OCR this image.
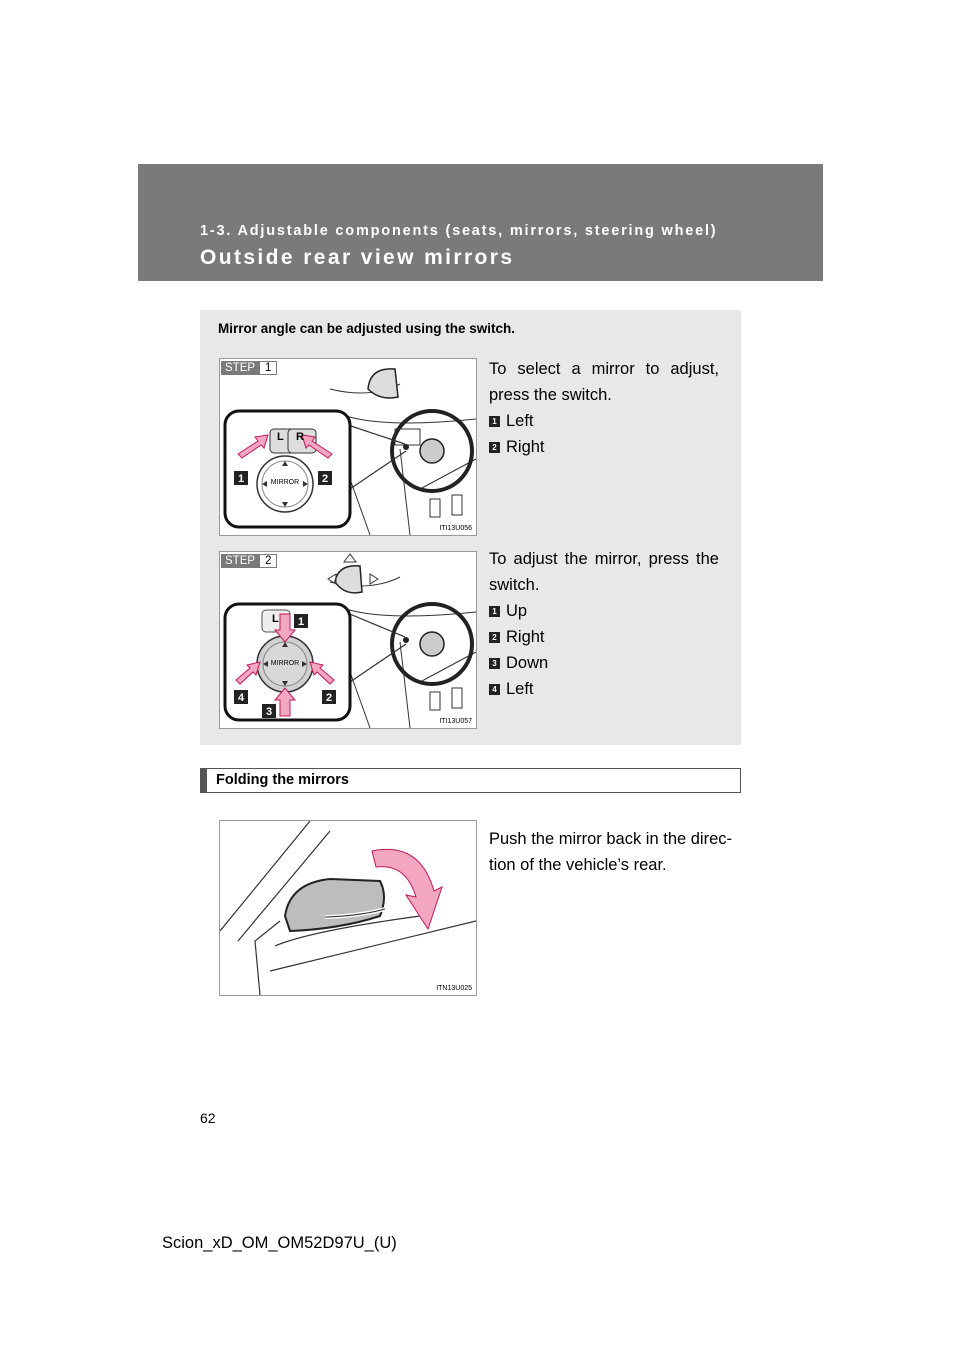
1-3. Adjustable components (seats, mirrors, steering wheel)
Outside rear view mirrors
Mirror angle can be adjusted using the switch.
1	2
L R
MIRROR
STEP 1
ITI13U056
To select a mirror to adjust, press the switch.
1 Left
2 Right
1
2
3
4
L
MIRROR
STEP 2
ITI13U057
To adjust the mirror, press the switch.
1 Up
2 Right
3 Down
4 Left
Folding the mirrors
ITN13U025
Push the mirror back in the direc-tion of the vehicle’s rear.
62
Scion_xD_OM_OM52D97U_(U)
